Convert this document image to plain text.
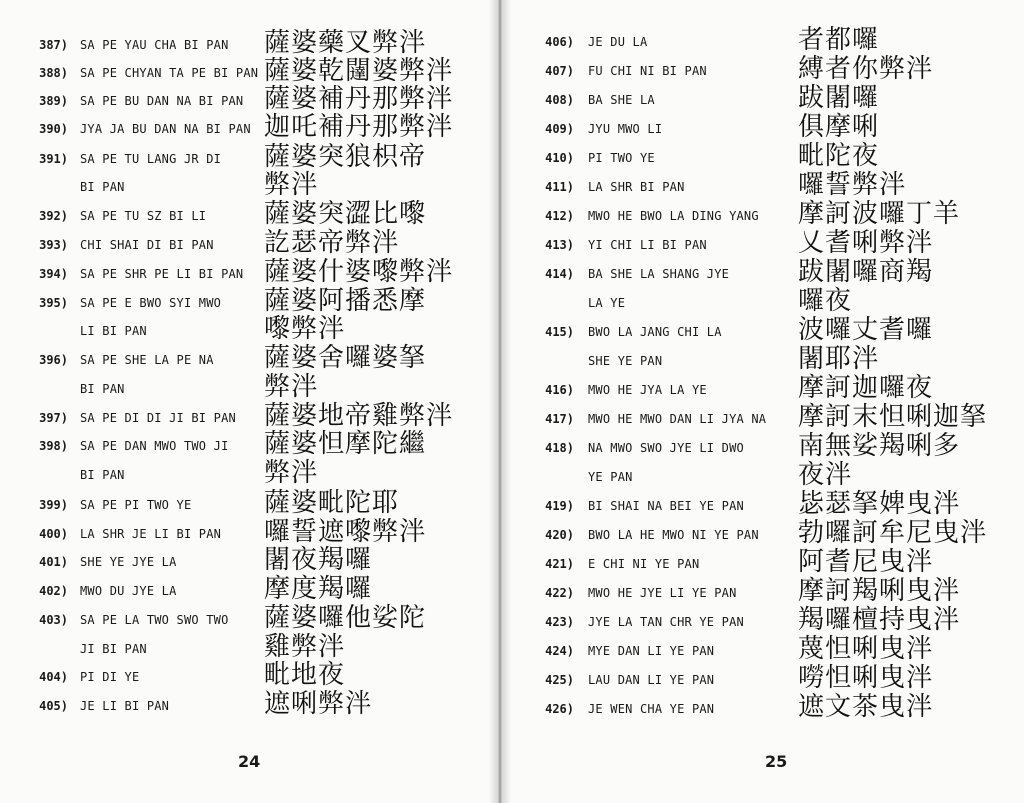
387) SA PE YAU CHA BI PAN 薩婆藥叉弊泮
388) SA PE CHYAN TA PE BI PAN 薩婆乾闥婆弊泮
389) SA PE BU DAN NA BI PAN 薩婆補丹那弊泮
390) JYA JA BU DAN NA BI PAN 迦吒補丹那弊泮
391) SA PE TU LANG JR DI 薩婆突狼枳帝
BI PAN	弊泮
392) SA PE TU SZ BI LI 薩婆突澀比嚟
393) CHI SHAI DI BI PAN 訖瑟帝弊泮
394) SA PE SHR PE LI BI PAN 薩婆什婆嚟弊泮
395) SA PE E BWO SYI MWO 薩婆阿播悉摩
LI BI PAN	嚟弊泮
396) SA PE SHE LA PE NA 薩婆舍囉婆拏
BI PAN	弊泮
397) SA PE DI DI JI BI PAN 薩婆地帝雞弊泮
398) SA PE DAN MWO TWO JI 薩婆怛摩陀繼
BI PAN	弊泮
399) SA PE PI TWO YE	薩婆毗陀耶
400) LA SHR JE LI BI PAN 囉誓遮嚟弊泮
401) SHE YE JYE LA	闍夜羯囉
402) MWO DU JYE LA	摩度羯囉
403) SA PE LA TWO SWO TWO 薩婆囉他娑陀
JI BI PAN	雞弊泮
404) PI DI YE	毗地夜
405) JE LI BI PAN	遮唎弊泮
24
406) JE DU LA	者都囉
407) FU CHI NI BI PAN	縛者你弊泮
408) BA SHE LA	跋闍囉
409) JYU MWO LI	俱摩唎
410) PI TWO YE	毗陀夜
411) LA SHR BI PAN	囉誓弊泮
412) MWO HE BWO LA DING YANG 摩訶波囉丁羊
413) YI CHI LI BI PAN	乂耆唎弊泮
414) BA SHE LA SHANG JYE	跋闍囉商羯
LA YE	囉夜
415) BWO LA JANG CHI LA	波囉丈耆囉
SHE YE PAN	闍耶泮
416) MWO HE JYA LA YE	摩訶迦囉夜
417) MWO HE MWO DAN LI JYA NA 摩訶末怛唎迦拏
418) NA MWO SWO JYE LI DWO 南無娑羯唎多
YE PAN	夜泮
419) BI SHAI NA BEI YE PAN 毖瑟拏婢曳泮
420) BWO LA HE MWO NI YE PAN 勃囉訶牟尼曳泮
421) E CHI NI YE PAN	阿耆尼曳泮
422) MWO HE JYE LI YE PAN 摩訶羯唎曳泮
423) JYE LA TAN CHR YE PAN 羯囉檀持曳泮
424) MYE DAN LI YE PAN	蔑怛唎曳泮
425) LAU DAN LI YE PAN	嘮怛唎曳泮
426) JE WEN CHA YE PAN	遮文茶曳泮
25
